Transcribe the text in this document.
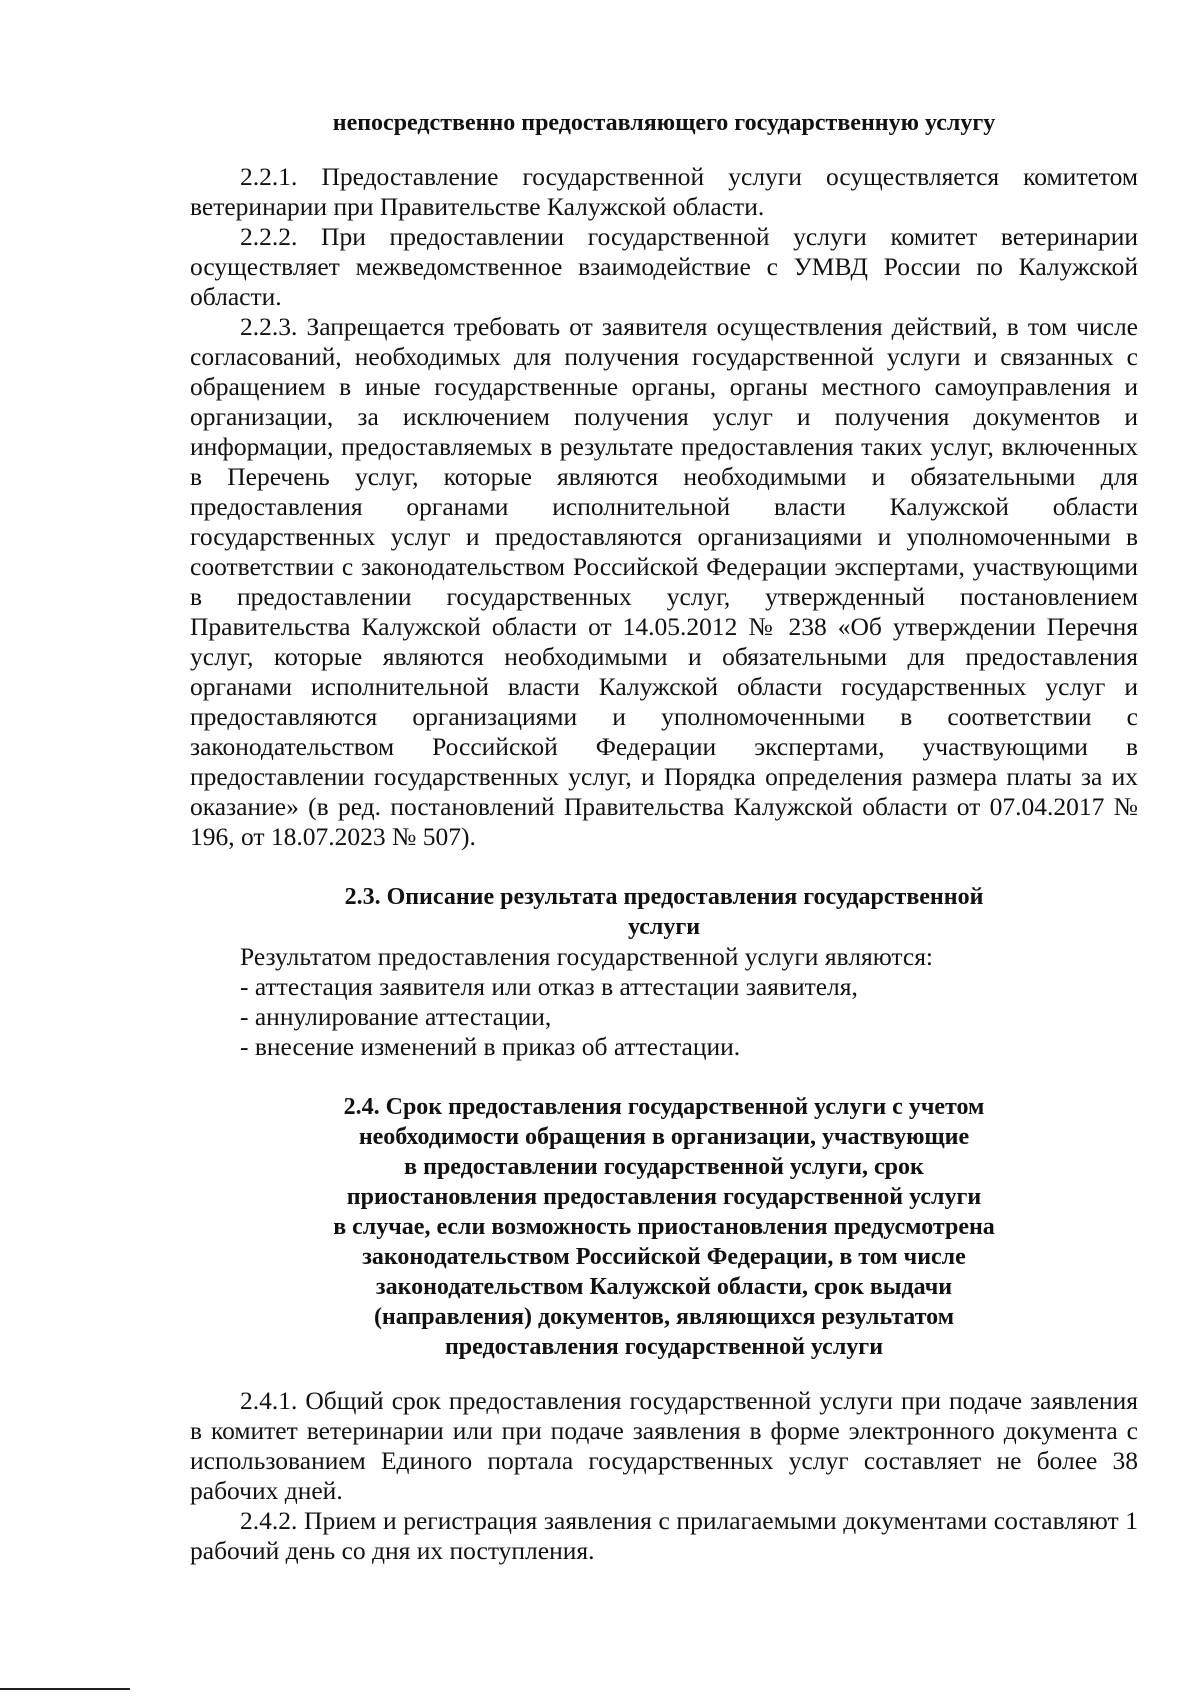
непосредственно предоставляющего государственную услугу

2.2.1. Предоставление государственной услуги осуществляется комитетом ветеринарии при Правительстве Калужской области.

2.2.2. При предоставлении государственной услуги комитет ветеринарии осуществляет межведомственное взаимодействие с УМВД России по Калужской области.

2.2.3. Запрещается требовать от заявителя осуществления действий, в том числе согласований, необходимых для получения государственной услуги и связанных с обращением в иные государственные органы, органы местного самоуправления и организации, за исключением получения услуг и получения документов и информации, предоставляемых в результате предоставления таких услуг, включенных в Перечень услуг, которые являются необходимыми и обязательными для предоставления органами исполнительной власти Калужской области государственных услуг и предоставляются организациями и уполномоченными в соответствии с законодательством Российской Федерации экспертами, участвующими в предоставлении государственных услуг, утвержденный постановлением Правительства Калужской области от 14.05.2012 № 238 «Об утверждении Перечня услуг, которые являются необходимыми и обязательными для предоставления органами исполнительной власти Калужской области государственных услуг и предоставляются организациями и уполномоченными в соответствии с законодательством Российской Федерации экспертами, участвующими в предоставлении государственных услуг, и Порядка определения размера платы за их оказание» (в ред. постановлений Правительства Калужской области от 07.04.2017 № 196, от 18.07.2023 № 507).

2.3. Описание результата предоставления государственной
услуги

Результатом предоставления государственной услуги являются:

- аттестация заявителя или отказ в аттестации заявителя,

- аннулирование аттестации,

- внесение изменений в приказ об аттестации.

2.4. Срок предоставления государственной услуги с учетом
необходимости обращения в организации, участвующие
в предоставлении государственной услуги, срок
приостановления предоставления государственной услуги
в случае, если возможность приостановления предусмотрена
законодательством Российской Федерации, в том числе
законодательством Калужской области, срок выдачи
(направления) документов, являющихся результатом
предоставления государственной услуги

2.4.1. Общий срок предоставления государственной услуги при подаче заявления в комитет ветеринарии или при подаче заявления в форме электронного документа с использованием Единого портала государственных услуг составляет не более 38 рабочих дней.

2.4.2. Прием и регистрация заявления с прилагаемыми документами составляют 1 рабочий день со дня их поступления.
